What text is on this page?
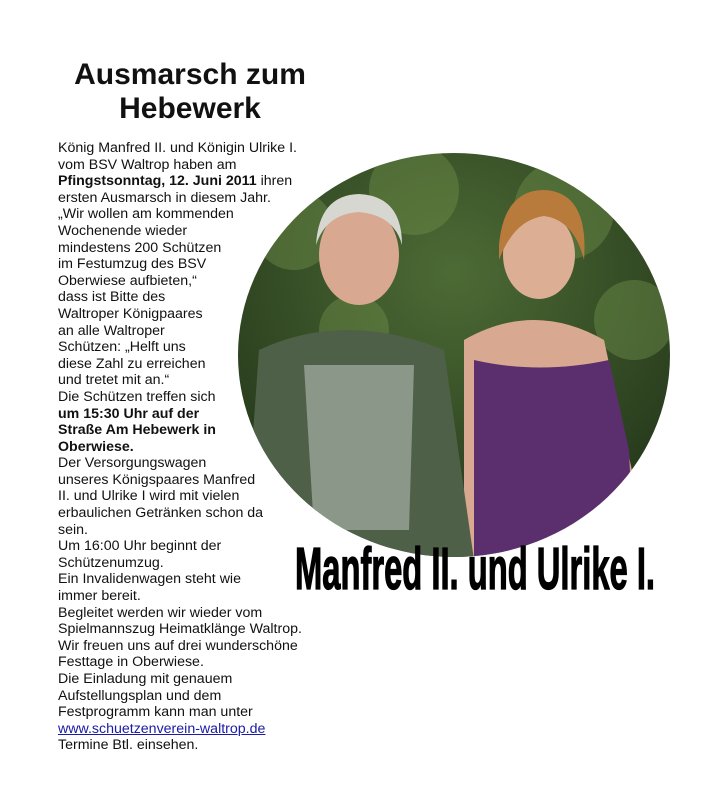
Ausmarsch zum
Hebewerk
König Manfred II. und Königin Ulrike I.
vom BSV Waltrop haben am
Pfingstsonntag, 12. Juni 2011 ihren
ersten Ausmarsch in diesem Jahr.
„Wir wollen am kommenden
Wochenende wieder
mindestens 200 Schützen
im Festumzug des BSV
Oberwiese aufbieten,“
dass ist Bitte des
Waltroper Königpaares
an alle Waltroper
Schützen: „Helft uns
diese Zahl zu erreichen
und tretet mit an.“
Die Schützen treffen sich
um 15:30 Uhr auf der
Straße Am Hebewerk in
Oberwiese.
Der Versorgungswagen
unseres Königspaares Manfred
II. und Ulrike I wird mit vielen
erbaulichen Getränken schon da
sein.
Um 16:00 Uhr beginnt der
Schützenumzug.
Ein Invalidenwagen steht wie
immer bereit.
Begleitet werden wir wieder vom
Spielmannszug Heimatklänge Waltrop.
Wir freuen uns auf drei wunderschöne
Festtage in Oberwiese.
Die Einladung mit genauem
Aufstellungsplan und dem
Festprogramm kann man unter
www.schuetzenverein-waltrop.de
Termine Btl. einsehen.
Manfred II. und Ulrike I.
